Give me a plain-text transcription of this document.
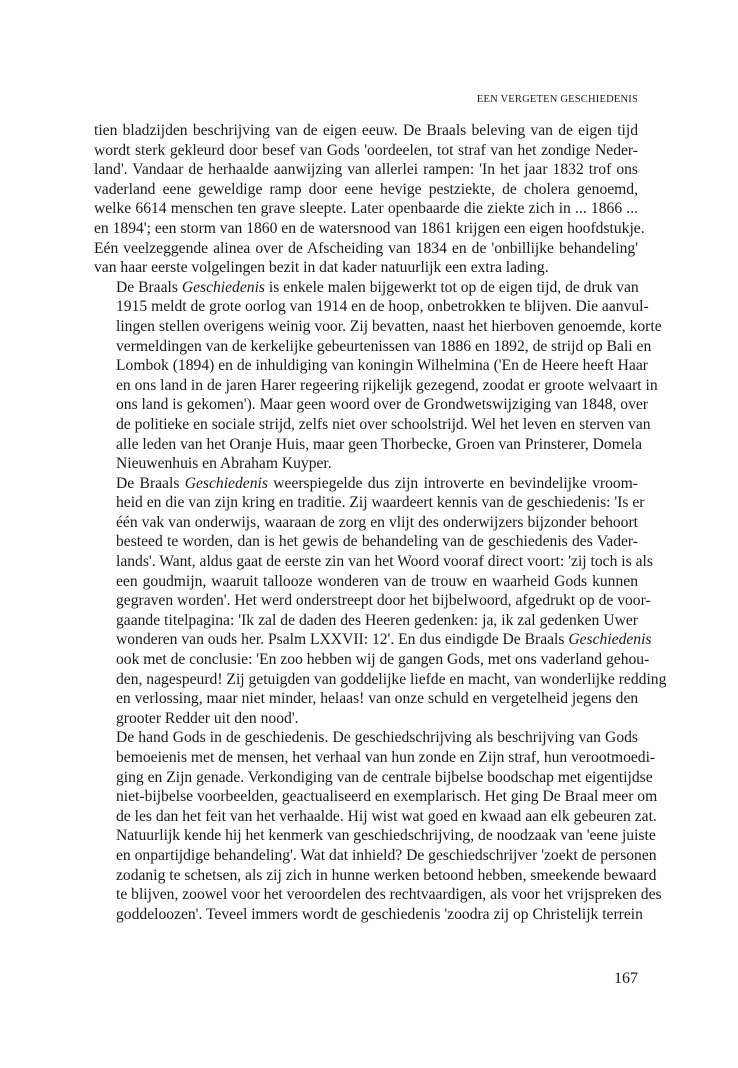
EEN VERGETEN GESCHIEDENIS
tien bladzijden beschrijving van de eigen eeuw. De Braals beleving van de eigen tijd
wordt sterk gekleurd door besef van Gods 'oordeelen, tot straf van het zondige Neder-
land'. Vandaar de herhaalde aanwijzing van allerlei rampen: 'In het jaar 1832 trof ons
vaderland eene geweldige ramp door eene hevige pestziekte, de cholera genoemd,
welke 6614 menschen ten grave sleepte. Later openbaarde die ziekte zich in ... 1866 ...
en 1894'; een storm van 1860 en de watersnood van 1861 krijgen een eigen hoofdstukje.
Eén veelzeggende alinea over de Afscheiding van 1834 en de 'onbillijke behandeling'
van haar eerste volgelingen bezit in dat kader natuurlijk een extra lading.
De Braals Geschiedenis is enkele malen bijgewerkt tot op de eigen tijd, de druk van
1915 meldt de grote oorlog van 1914 en de hoop, onbetrokken te blijven. Die aanvul-
lingen stellen overigens weinig voor. Zij bevatten, naast het hierboven genoemde, korte
vermeldingen van de kerkelijke gebeurtenissen van 1886 en 1892, de strijd op Bali en
Lombok (1894) en de inhuldiging van koningin Wilhelmina ('En de Heere heeft Haar
en ons land in de jaren Harer regeering rijkelijk gezegend, zoodat er groote welvaart in
ons land is gekomen'). Maar geen woord over de Grondwetswijziging van 1848, over
de politieke en sociale strijd, zelfs niet over schoolstrijd. Wel het leven en sterven van
alle leden van het Oranje Huis, maar geen Thorbecke, Groen van Prinsterer, Domela
Nieuwenhuis en Abraham Kuyper.
De Braals Geschiedenis weerspiegelde dus zijn introverte en bevindelijke vroom-
heid en die van zijn kring en traditie. Zij waardeert kennis van de geschiedenis: 'Is er
één vak van onderwijs, waaraan de zorg en vlijt des onderwijzers bijzonder behoort
besteed te worden, dan is het gewis de behandeling van de geschiedenis des Vader-
lands'. Want, aldus gaat de eerste zin van het Woord vooraf direct voort: 'zij toch is als
een goudmijn, waaruit tallooze wonderen van de trouw en waarheid Gods kunnen
gegraven worden'. Het werd onderstreept door het bijbelwoord, afgedrukt op de voor-
gaande titelpagina: 'Ik zal de daden des Heeren gedenken: ja, ik zal gedenken Uwer
wonderen van ouds her. Psalm LXXVII: 12'. En dus eindigde De Braals Geschiedenis
ook met de conclusie: 'En zoo hebben wij de gangen Gods, met ons vaderland gehou-
den, nagespeurd! Zij getuigden van goddelijke liefde en macht, van wonderlijke redding
en verlossing, maar niet minder, helaas! van onze schuld en vergetelheid jegens den
grooter Redder uit den nood'.
De hand Gods in de geschiedenis. De geschiedschrijving als beschrijving van Gods
bemoeienis met de mensen, het verhaal van hun zonde en Zijn straf, hun verootmoedi-
ging en Zijn genade. Verkondiging van de centrale bijbelse boodschap met eigentijdse
niet-bijbelse voorbeelden, geactualiseerd en exemplarisch. Het ging De Braal meer om
de les dan het feit van het verhaalde. Hij wist wat goed en kwaad aan elk gebeuren zat.
Natuurlijk kende hij het kenmerk van geschiedschrijving, de noodzaak van 'eene juiste
en onpartijdige behandeling'. Wat dat inhield? De geschiedschrijver 'zoekt de personen
zodanig te schetsen, als zij zich in hunne werken betoond hebben, smeekende bewaard
te blijven, zoowel voor het veroordelen des rechtvaardigen, als voor het vrijspreken des
goddeloozen'. Teveel immers wordt de geschiedenis 'zoodra zij op Christelijk terrein
167
